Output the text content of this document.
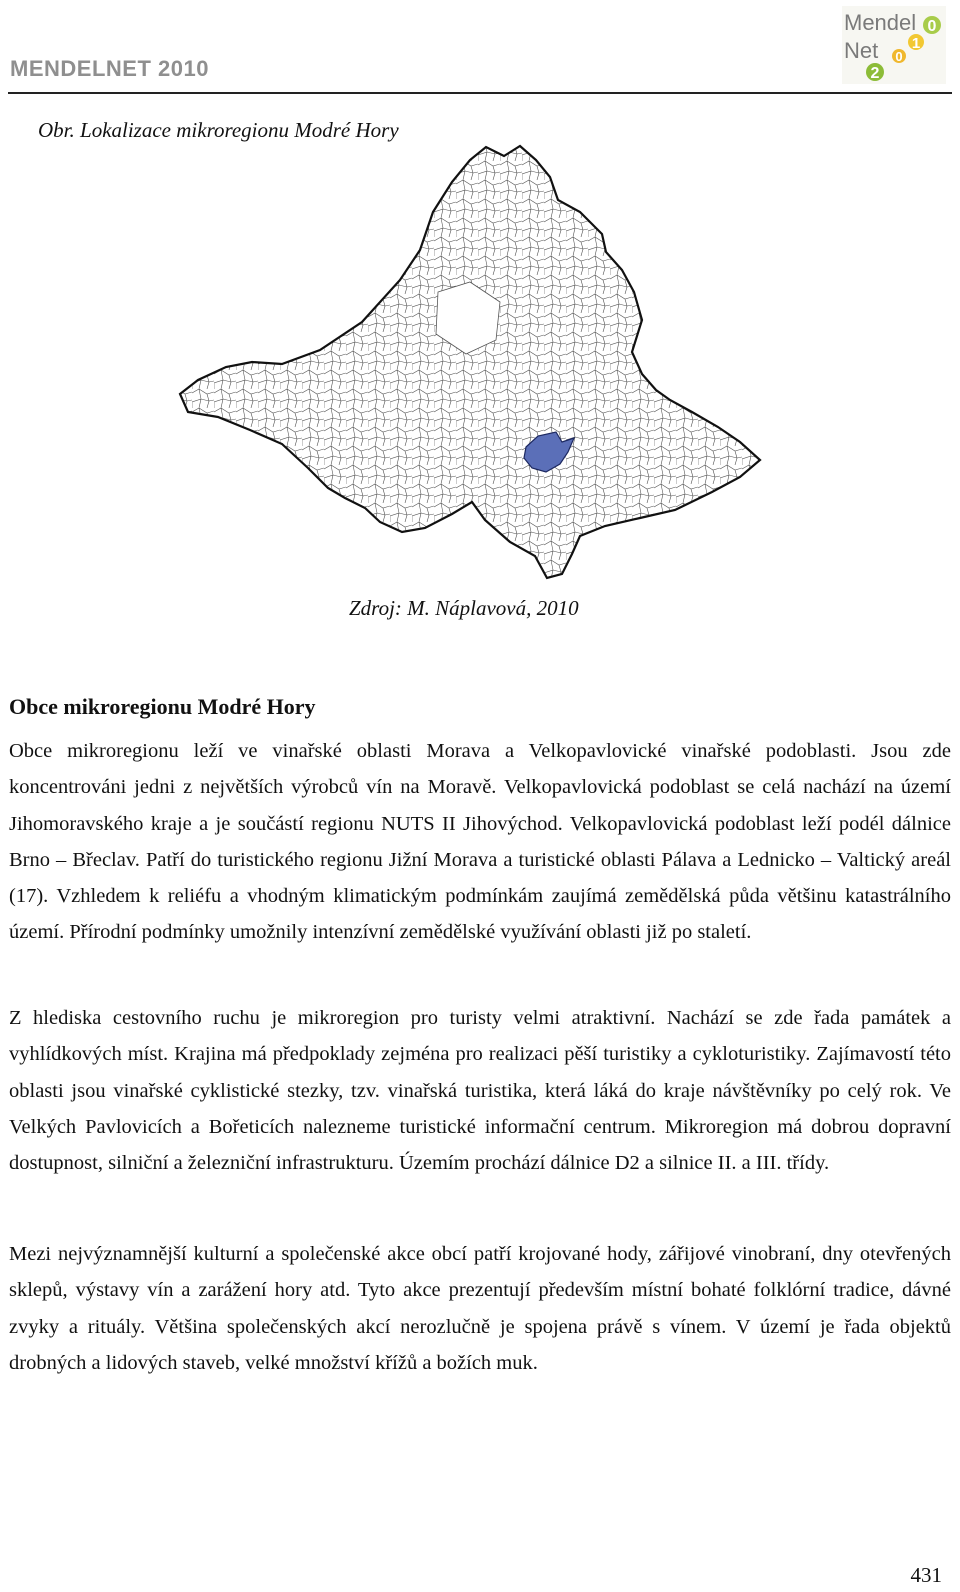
MENDELNET 2010
Mendel
Net
0
1
0
2
Obr. Lokalizace mikroregionu Modré Hory
Zdroj: M. Náplavová, 2010
Obce mikroregionu Modré Hory

Obce mikroregionu leží ve vinařské oblasti Morava a Velkopavlovické vinařské podoblasti. Jsou zde koncentrováni jedni z největších výrobců vín na Moravě. Velkopavlovická podoblast se celá nachází na území Jihomoravského kraje a je součástí regionu NUTS II Jihovýchod. Velkopavlovická podoblast leží podél dálnice Brno – Břeclav. Patří do turistického regionu Jižní Morava a turistické oblasti Pálava a Lednicko – Valtický areál (17). Vzhledem k reliéfu a vhodným klimatickým podmínkám zaujímá zemědělská půda většinu katastrálního území. Přírodní podmínky umožnily intenzívní zemědělské využívání oblasti již po staletí.

Z hlediska cestovního ruchu je mikroregion pro turisty velmi atraktivní. Nachází se zde řada památek a vyhlídkových míst. Krajina má předpoklady zejména pro realizaci pěší turistiky a cykloturistiky. Zajímavostí této oblasti jsou vinařské cyklistické stezky, tzv. vinařská turistika, která láká do kraje návštěvníky po celý rok. Ve Velkých Pavlovicích a Bořeticích nalezneme turistické informační centrum. Mikroregion má dobrou dopravní dostupnost, silniční a železniční infrastrukturu. Územím prochází dálnice D2 a silnice II. a III. třídy.

Mezi nejvýznamnější kulturní a společenské akce obcí patří krojované hody, zářijové vinobraní, dny otevřených sklepů, výstavy vín a zarážení hory atd. Tyto akce prezentují především místní bohaté folklórní tradice, dávné zvyky a rituály. Většina společenských akcí nerozlučně je spojena právě s vínem. V území je řada objektů drobných a lidových staveb, velké množství křížů a božích muk.

431
